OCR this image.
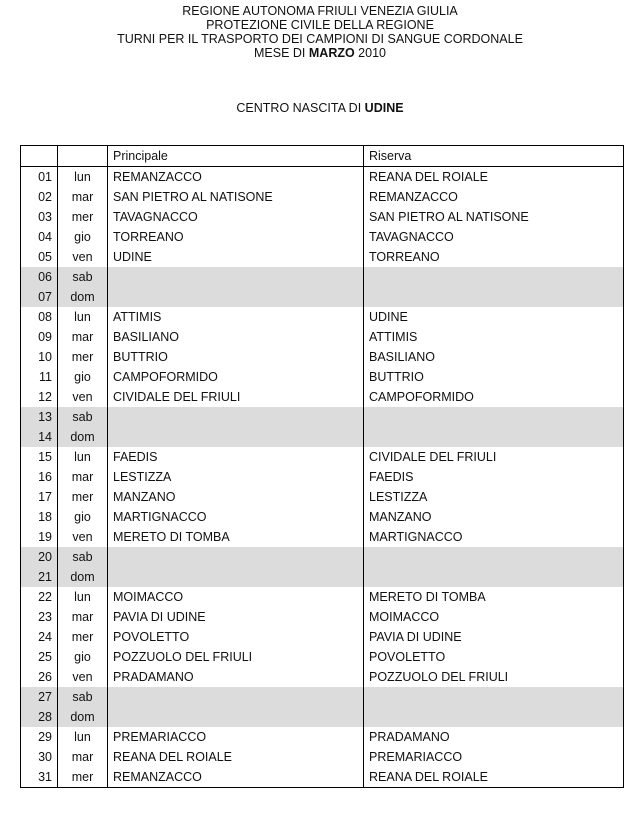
REGIONE AUTONOMA FRIULI VENEZIA GIULIA
PROTEZIONE CIVILE DELLA REGIONE
TURNI PER IL TRASPORTO DEI CAMPIONI DI SANGUE CORDONALE
MESE DI MARZO 2010
CENTRO NASCITA DI UDINE
		Principale	Riserva
01	lun	REMANZACCO	REANA DEL ROIALE
02	mar	SAN PIETRO AL NATISONE	REMANZACCO
03	mer	TAVAGNACCO	SAN PIETRO AL NATISONE
04	gio	TORREANO	TAVAGNACCO
05	ven	UDINE	TORREANO
06	sab		
07	dom		
08	lun	ATTIMIS	UDINE
09	mar	BASILIANO	ATTIMIS
10	mer	BUTTRIO	BASILIANO
11	gio	CAMPOFORMIDO	BUTTRIO
12	ven	CIVIDALE DEL FRIULI	CAMPOFORMIDO
13	sab		
14	dom		
15	lun	FAEDIS	CIVIDALE DEL FRIULI
16	mar	LESTIZZA	FAEDIS
17	mer	MANZANO	LESTIZZA
18	gio	MARTIGNACCO	MANZANO
19	ven	MERETO DI TOMBA	MARTIGNACCO
20	sab		
21	dom		
22	lun	MOIMACCO	MERETO DI TOMBA
23	mar	PAVIA DI UDINE	MOIMACCO
24	mer	POVOLETTO	PAVIA DI UDINE
25	gio	POZZUOLO DEL FRIULI	POVOLETTO
26	ven	PRADAMANO	POZZUOLO DEL FRIULI
27	sab		
28	dom		
29	lun	PREMARIACCO	PRADAMANO
30	mar	REANA DEL ROIALE	PREMARIACCO
31	mer	REMANZACCO	REANA DEL ROIALE
